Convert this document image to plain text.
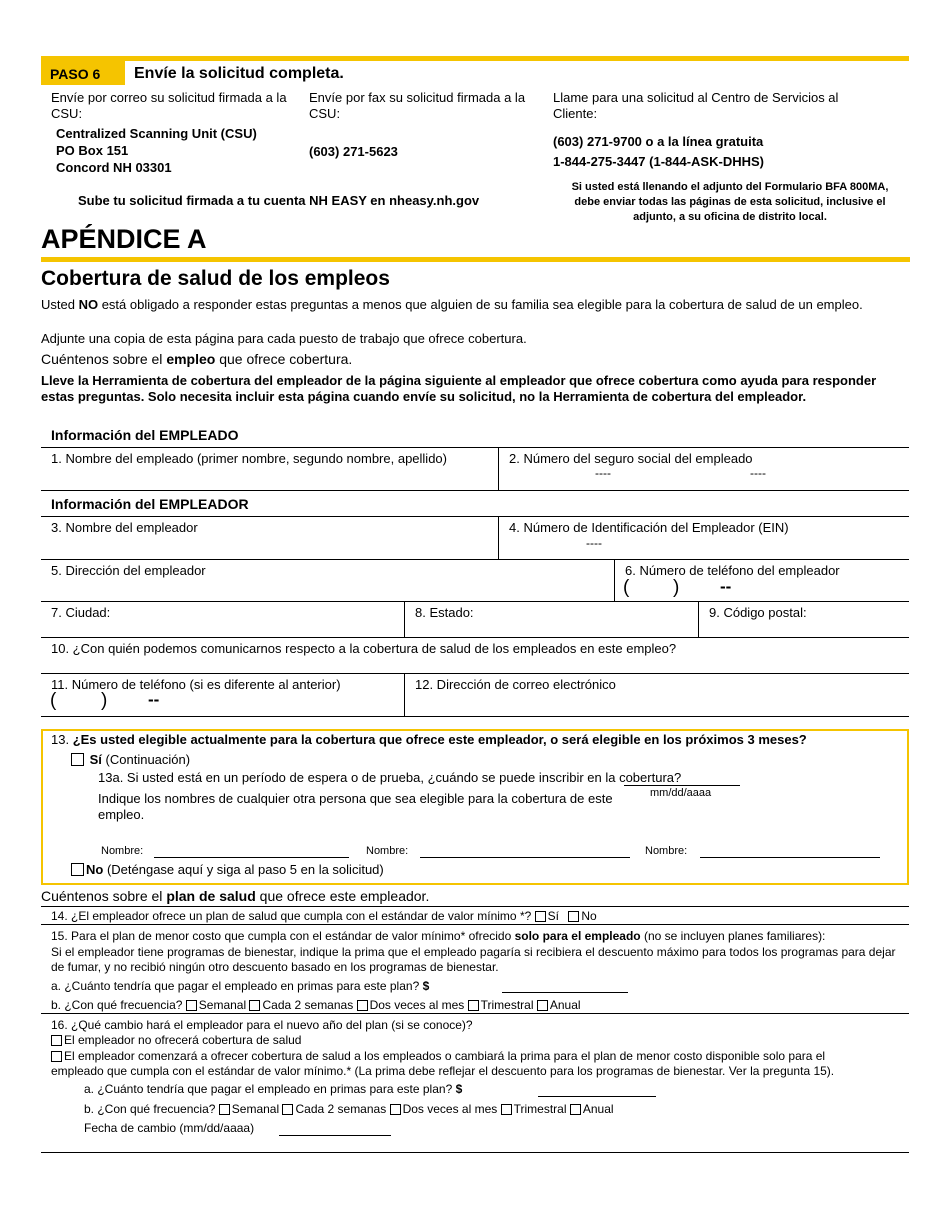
PASO 6 Envíe la solicitud completa.
Envíe por correo su solicitud firmada a la CSU:
Centralized Scanning Unit (CSU)
PO Box 151
Concord NH 03301
Envíe por fax su solicitud firmada a la CSU:
(603) 271-5623
Llame para una solicitud al Centro de Servicios al Cliente:
(603) 271-9700 o a la línea gratuita
1-844-275-3447 (1-844-ASK-DHHS)
Sube tu solicitud firmada a tu cuenta NH EASY en nheasy.nh.gov
Si usted está llenando el adjunto del Formulario BFA 800MA, debe enviar todas las páginas de esta solicitud, inclusive el adjunto, a su oficina de distrito local.
APÉNDICE A
Cobertura de salud de los empleos
Usted NO está obligado a responder estas preguntas a menos que alguien de su familia sea elegible para la cobertura de salud de un empleo.
Adjunte una copia de esta página para cada puesto de trabajo que ofrece cobertura.
Cuéntenos sobre el empleo que ofrece cobertura.
Lleve la Herramienta de cobertura del empleador de la página siguiente al empleador que ofrece cobertura como ayuda para responder estas preguntas. Solo necesita incluir esta página cuando envíe su solicitud, no la Herramienta de cobertura del empleador.
Información del EMPLEADO
1. Nombre del empleado (primer nombre, segundo nombre, apellido)	2. Número del seguro social del empleado
----	----
Información del EMPLEADOR
3. Nombre del empleador	4. Número de Identificación del Empleador (EIN)
----
5. Dirección del empleador	6. Número de teléfono del empleador
( ) --
7. Ciudad:	8. Estado:	9. Código postal:
10. ¿Con quién podemos comunicarnos respecto a la cobertura de salud de los empleados en este empleo?
11. Número de teléfono (si es diferente al anterior)
( ) --
12. Dirección de correo electrónico
13. ¿Es usted elegible actualmente para la cobertura que ofrece este empleador, o será elegible en los próximos 3 meses?
Sí (Continuación)
13a. Si usted está en un período de espera o de prueba, ¿cuándo se puede inscribir en la cobertura?
mm/dd/aaaa
Indique los nombres de cualquier otra persona que sea elegible para la cobertura de este empleo.
Nombre:	Nombre:	Nombre:
No (Deténgase aquí y siga al paso 5 en la solicitud)
Cuéntenos sobre el plan de salud que ofrece este empleador.
14. ¿El empleador ofrece un plan de salud que cumpla con el estándar de valor mínimo *? Sí No
15. Para el plan de menor costo que cumpla con el estándar de valor mínimo* ofrecido solo para el empleado (no se incluyen planes familiares):
Si el empleador tiene programas de bienestar, indique la prima que el empleado pagaría si recibiera el descuento máximo para todos los programas para dejar de fumar, y no recibió ningún otro descuento basado en los programas de bienestar.
a. ¿Cuánto tendría que pagar el empleado en primas para este plan? $
b. ¿Con qué frecuencia? Semanal Cada 2 semanas Dos veces al mes Trimestral Anual
16. ¿Qué cambio hará el empleador para el nuevo año del plan (si se conoce)?
El empleador no ofrecerá cobertura de salud
El empleador comenzará a ofrecer cobertura de salud a los empleados o cambiará la prima para el plan de menor costo disponible solo para el empleado que cumpla con el estándar de valor mínimo.* (La prima debe reflejar el descuento para los programas de bienestar. Ver la pregunta 15).
a. ¿Cuánto tendría que pagar el empleado en primas para este plan? $
b. ¿Con qué frecuencia? Semanal Cada 2 semanas Dos veces al mes Trimestral Anual
Fecha de cambio (mm/dd/aaaa)
